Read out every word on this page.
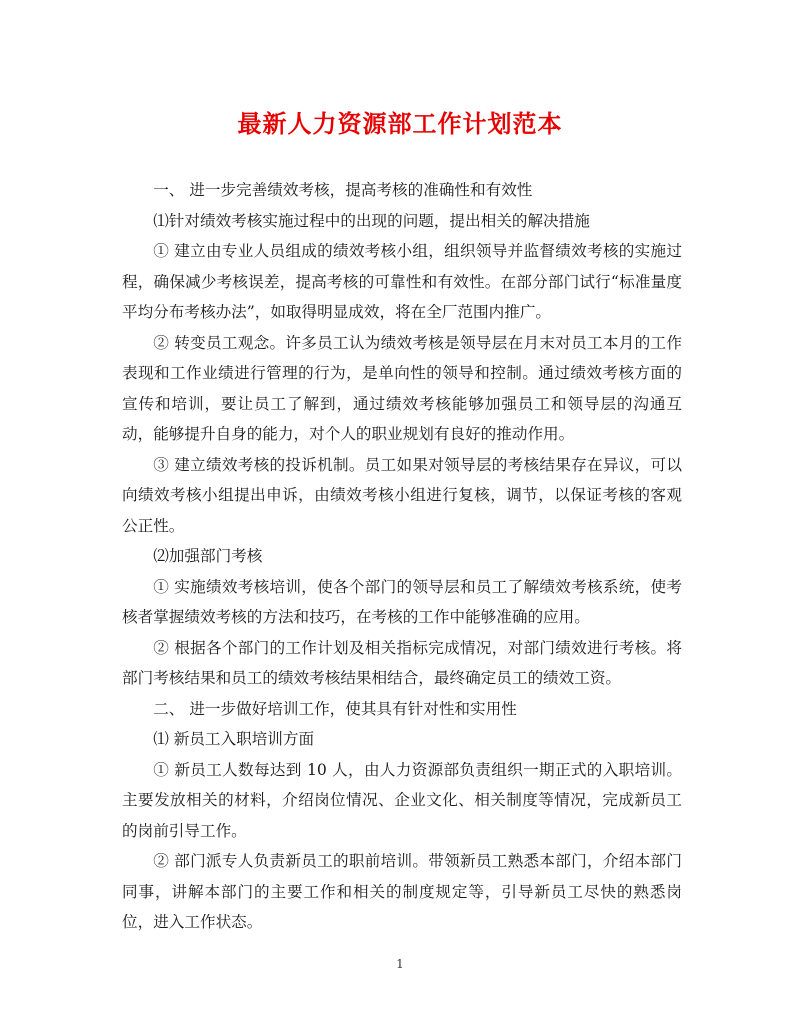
最新人力资源部工作计划范本

一、 进一步完善绩效考核，提高考核的准确性和有效性

⑴针对绩效考核实施过程中的出现的问题，提出相关的解决措施

① 建立由专业人员组成的绩效考核小组，组织领导并监督绩效考核的实施过程，确保减少考核误差，提高考核的可靠性和有效性。在部分部门试行“标准量度平均分布考核办法”，如取得明显成效，将在全厂范围内推广。

② 转变员工观念。许多员工认为绩效考核是领导层在月末对员工本月的工作表现和工作业绩进行管理的行为，是单向性的领导和控制。通过绩效考核方面的宣传和培训，要让员工了解到，通过绩效考核能够加强员工和领导层的沟通互动，能够提升自身的能力，对个人的职业规划有良好的推动作用。

③ 建立绩效考核的投诉机制。员工如果对领导层的考核结果存在异议，可以向绩效考核小组提出申诉，由绩效考核小组进行复核，调节，以保证考核的客观公正性。

⑵加强部门考核

① 实施绩效考核培训，使各个部门的领导层和员工了解绩效考核系统，使考核者掌握绩效考核的方法和技巧，在考核的工作中能够准确的应用。

② 根据各个部门的工作计划及相关指标完成情况，对部门绩效进行考核。将部门考核结果和员工的绩效考核结果相结合，最终确定员工的绩效工资。

二、 进一步做好培训工作，使其具有针对性和实用性

⑴ 新员工入职培训方面

① 新员工人数每达到 10 人，由人力资源部负责组织一期正式的入职培训。主要发放相关的材料，介绍岗位情况、企业文化、相关制度等情况，完成新员工的岗前引导工作。

② 部门派专人负责新员工的职前培训。带领新员工熟悉本部门，介绍本部门同事，讲解本部门的主要工作和相关的制度规定等，引导新员工尽快的熟悉岗位，进入工作状态。

1
